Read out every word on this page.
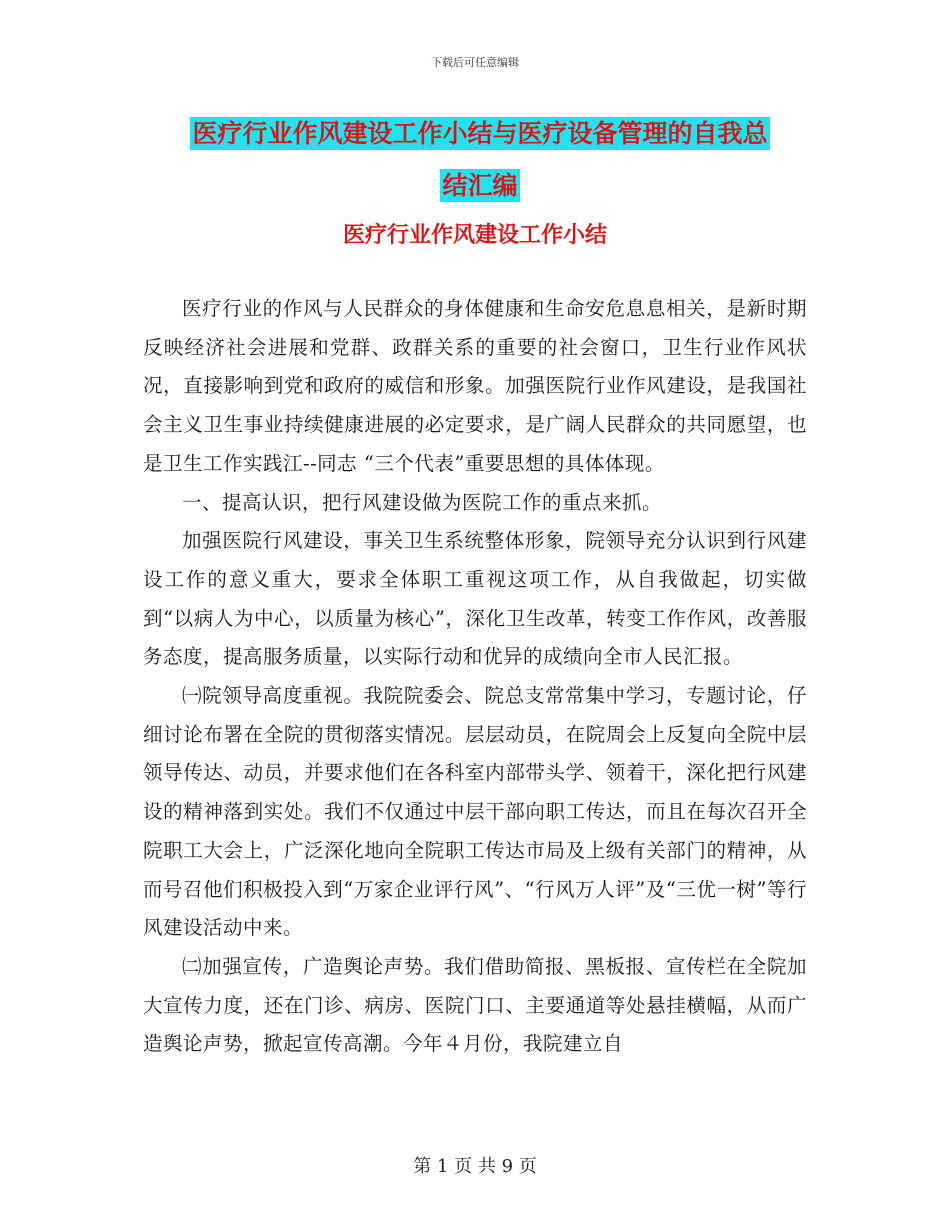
下载后可任意编辑
医疗行业作风建设工作小结与医疗设备管理的自我总
结汇编
医疗行业作风建设工作小结

医疗行业的作风与人民群众的身体健康和生命安危息息相关，是新时期反映经济社会进展和党群、政群关系的重要的社会窗口，卫生行业作风状况，直接影响到党和政府的威信和形象。加强医院行业作风建设，是我国社会主义卫生事业持续健康进展的必定要求，是广阔人民群众的共同愿望，也是卫生工作实践江--同志 “三个代表”重要思想的具体体现。

一、提高认识，把行风建设做为医院工作的重点来抓。

加强医院行风建设，事关卫生系统整体形象，院领导充分认识到行风建设工作的意义重大，要求全体职工重视这项工作，从自我做起，切实做到“以病人为中心，以质量为核心”，深化卫生改革，转变工作作风，改善服务态度，提高服务质量，以实际行动和优异的成绩向全市人民汇报。

㈠院领导高度重视。我院院委会、院总支常常集中学习，专题讨论，仔细讨论布署在全院的贯彻落实情况。层层动员，在院周会上反复向全院中层领导传达、动员，并要求他们在各科室内部带头学、领着干，深化把行风建设的精神落到实处。我们不仅通过中层干部向职工传达，而且在每次召开全院职工大会上，广泛深化地向全院职工传达市局及上级有关部门的精神，从而号召他们积极投入到“万家企业评行风”、“行风万人评”及“三优一树”等行风建设活动中来。

㈡加强宣传，广造舆论声势。我们借助简报、黑板报、宣传栏在全院加大宣传力度，还在门诊、病房、医院门口、主要通道等处悬挂横幅，从而广造舆论声势，掀起宣传高潮。今年４月份，我院建立自

第 1 页 共 9 页
